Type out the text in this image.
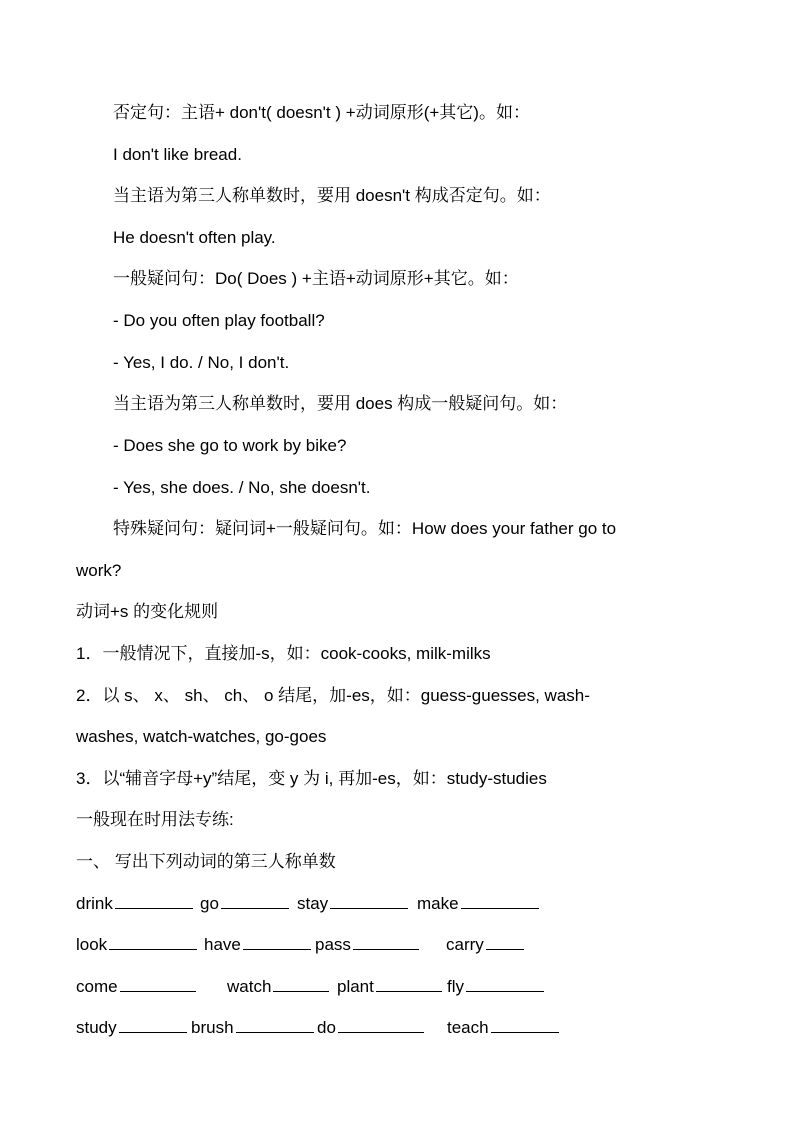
否定句：主语+ don't( doesn't ) +动词原形(+其它)。如：
I don't like bread.
当主语为第三人称单数时，要用 doesn't 构成否定句。如：
He doesn't often play.
一般疑问句：Do( Does ) +主语+动词原形+其它。如：
- Do you often play football?
- Yes, I do. / No, I don't.
当主语为第三人称单数时，要用 does 构成一般疑问句。如：
- Does she go to work by bike?
- Yes, she does. / No, she doesn't.
特殊疑问句：疑问词+一般疑问句。如：How does your father go to
work?
动词+s 的变化规则
1．一般情况下，直接加-s，如：cook-cooks, milk-milks
2．以 s、 x、 sh、 ch、 o 结尾，加-es，如：guess-guesses, wash-
washes, watch-watches, go-goes
3．以“辅音字母+y”结尾，变 y 为 i, 再加-es，如：study-studies
一般现在时用法专练:
一、 写出下列动词的第三人称单数
drink	go	stay	make
look	have	pass	carry
come	watch	plant	fly
study	brush	do	teach
